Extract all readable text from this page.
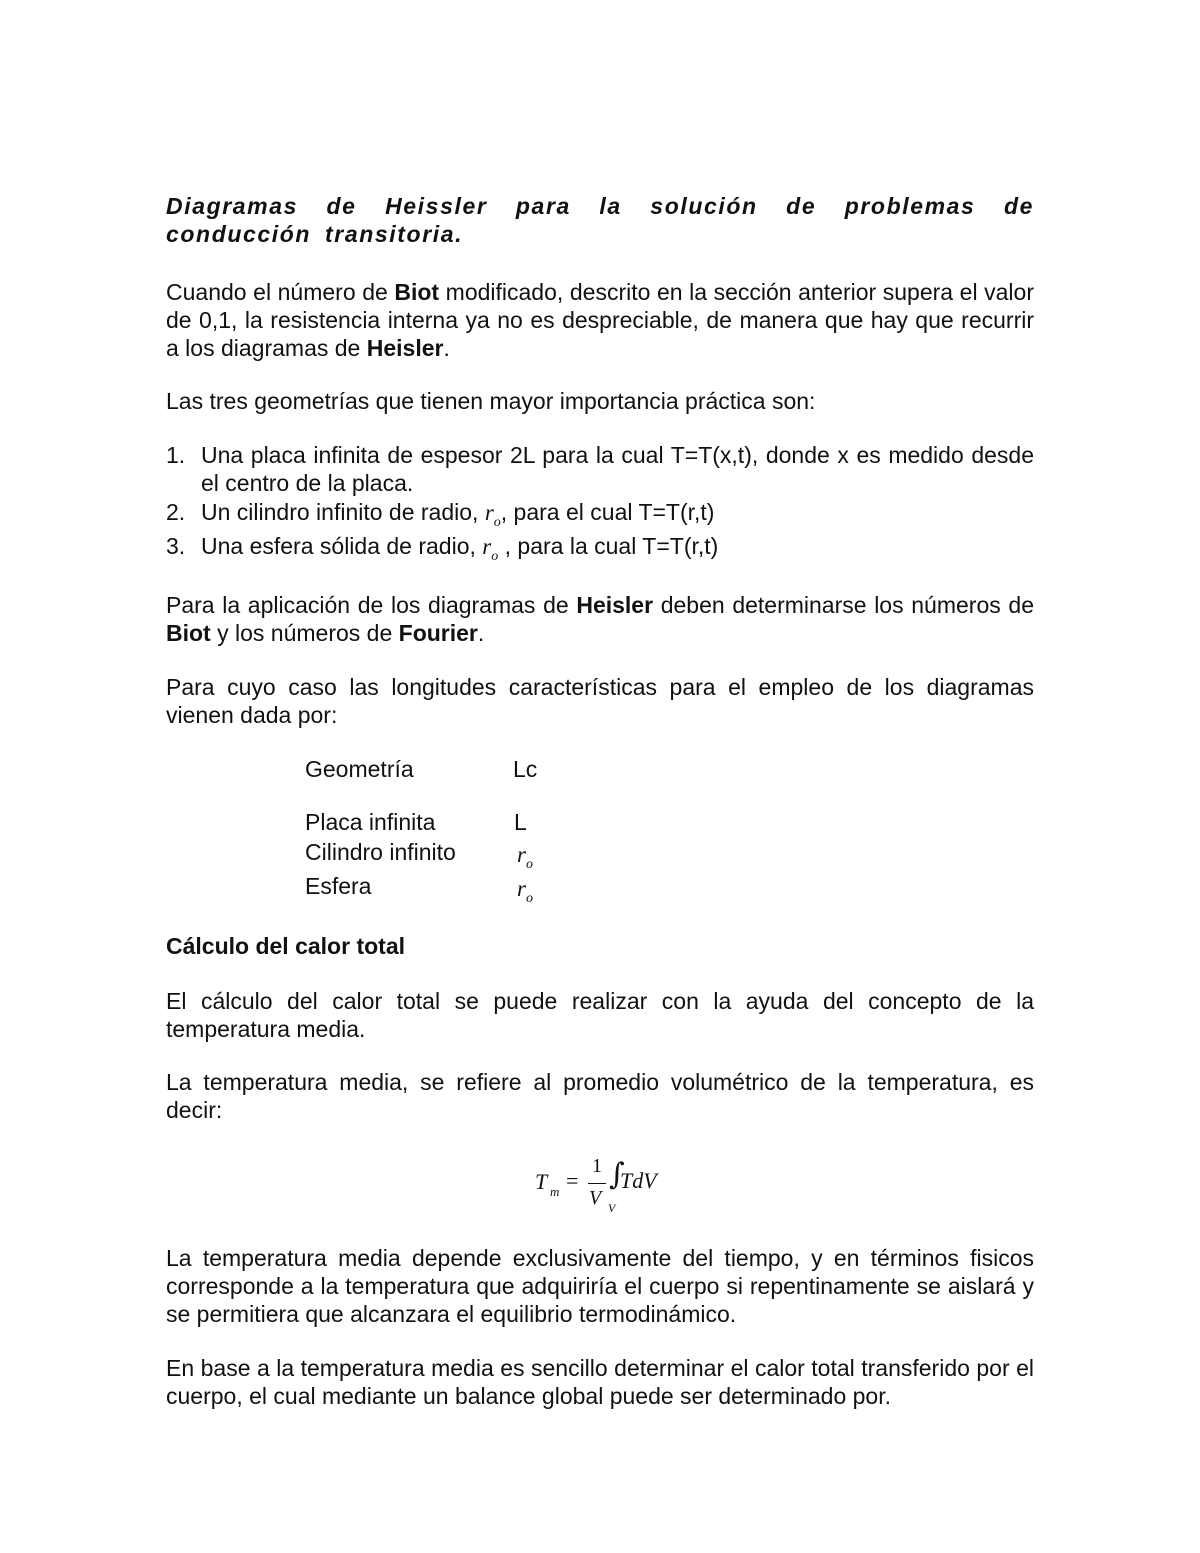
Diagramas de Heissler para la solución de problemas de conducción transitoria.
Cuando el número de Biot modificado, descrito en la sección anterior supera el valor de 0,1, la resistencia interna ya no es despreciable, de manera que hay que recurrir a los diagramas de Heisler.
Las tres geometrías que tienen mayor importancia práctica son:
1. Una placa infinita de espesor 2L para la cual T=T(x,t), donde x es medido desde el centro de la placa.
2. Un cilindro infinito de radio, $r_o$, para el cual T=T(r,t)
3. Una esfera sólida de radio, $r_o$ , para la cual T=T(r,t)
Para la aplicación de los diagramas de Heisler deben determinarse los números de Biot y los números de Fourier.
Para cuyo caso las longitudes características para el empleo de los diagramas vienen dada por:
Geometría	Lc
Placa infinita	L
Cilindro infinito	$r_o$
Esfera	$r_o$
Cálculo del calor total
El cálculo del calor total se puede realizar con la ayuda del concepto de la temperatura media.
La temperatura media, se refiere al promedio volumétrico de la temperatura, es decir:
T m =
1
V
∫
V
TdV
La temperatura media depende exclusivamente del tiempo, y en términos fisicos corresponde a la temperatura que adquiriría el cuerpo si repentinamente se aislará y se permitiera que alcanzara el equilibrio termodinámico.
En base a la temperatura media es sencillo determinar el calor total transferido por el cuerpo, el cual mediante un balance global puede ser determinado por.
